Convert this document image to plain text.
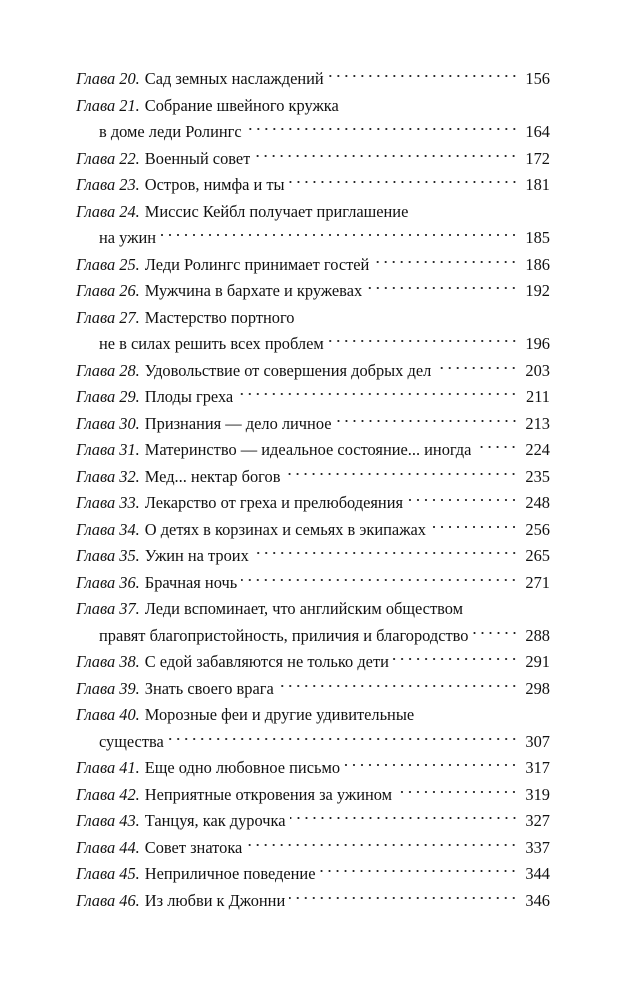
Глава 20. Сад земных наслаждений	156
Глава 21. Собрание швейного кружка
в доме леди Ролингс	164
Глава 22. Военный совет	172
Глава 23. Остров, нимфа и ты	181
Глава 24. Миссис Кейбл получает приглашение
на ужин	185
Глава 25. Леди Ролингс принимает гостей	186
Глава 26. Мужчина в бархате и кружевах	192
Глава 27. Мастерство портного
не в силах решить всех проблем	196
Глава 28. Удовольствие от совершения добрых дел	203
Глава 29. Плоды греха	211
Глава 30. Признания — дело личное	213
Глава 31. Материнство — идеальное состояние... иногда	224
Глава 32. Мед... нектар богов	235
Глава 33. Лекарство от греха и прелюбодеяния	248
Глава 34. О детях в корзинах и семьях в экипажах	256
Глава 35. Ужин на троих	265
Глава 36. Брачная ночь	271
Глава 37. Леди вспоминает, что английским обществом
правят благопристойность, приличия и благородство	288
Глава 38. С едой забавляются не только дети	291
Глава 39. Знать своего врага	298
Глава 40. Морозные феи и другие удивительные
существа	307
Глава 41. Еще одно любовное письмо	317
Глава 42. Неприятные откровения за ужином	319
Глава 43. Танцуя, как дурочка	327
Глава 44. Совет знатока	337
Глава 45. Неприличное поведение	344
Глава 46. Из любви к Джонни	346
